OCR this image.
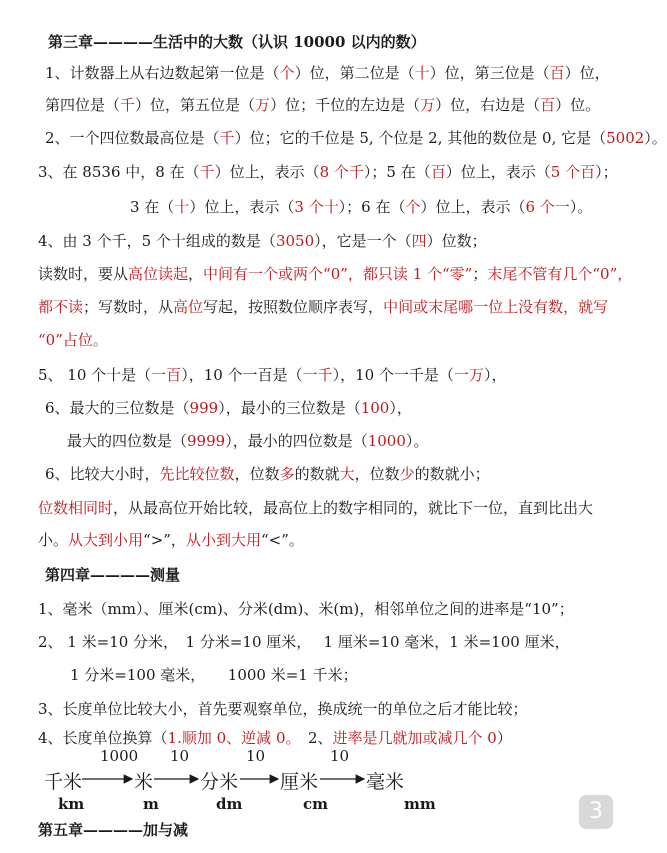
第三章————生活中的大数（认识 10000 以内的数）
1、计数器上从右边数起第一位是（个）位，第二位是（十）位，第三位是（百）位，
第四位是（千）位，第五位是（万）位；千位的左边是（万）位，右边是（百）位。
2、一个四位数最高位是（千）位；它的千位是 5, 个位是 2, 其他的数位是 0, 它是（5002）。
3、在 8536 中，8 在（千）位上，表示（8 个千）；5 在（百）位上，表示（5 个百）；
3 在（十）位上，表示（3 个十）；6 在（个）位上，表示（6 个一）。
4、由 3 个千，5 个十组成的数是（3050），它是一个（四）位数；
读数时，要从高位读起，中间有一个或两个“0”，都只读 1 个“零”；末尾不管有几个“0”，
都不读；写数时，从高位写起，按照数位顺序表写，中间或末尾哪一位上没有数，就写
“0”占位。
5、 10 个十是（一百），10 个一百是（一千），10 个一千是（一万），
6、最大的三位数是（999），最小的三位数是（100），
最大的四位数是（9999），最小的四位数是（1000）。
6、比较大小时，先比较位数，位数多的数就大，位数少的数就小；
位数相同时，从最高位开始比较，最高位上的数字相同的，就比下一位，直到比出大
小。从大到小用“>”，从小到大用“<”。
第四章————测量
1、毫米（mm）、厘米(cm)、分米(dm)、米(m)，相邻单位之间的进率是“10”；
2、 1 米=10 分米，　1 分米=10 厘米，　 1 厘米=10 毫米，1 米=100 厘米，
1 分米=100 毫米，　　1000 米=1 千米；
3、长度单位比较大小，首先要观察单位，换成统一的单位之后才能比较；
4、长度单位换算（1.顺加 0、逆减 0。　2、进率是几就加或减几个 0）
1000 10	10	10
千米	米 分米 厘米	毫米
km	m	dm	cm	mm
第五章————加与减
3
